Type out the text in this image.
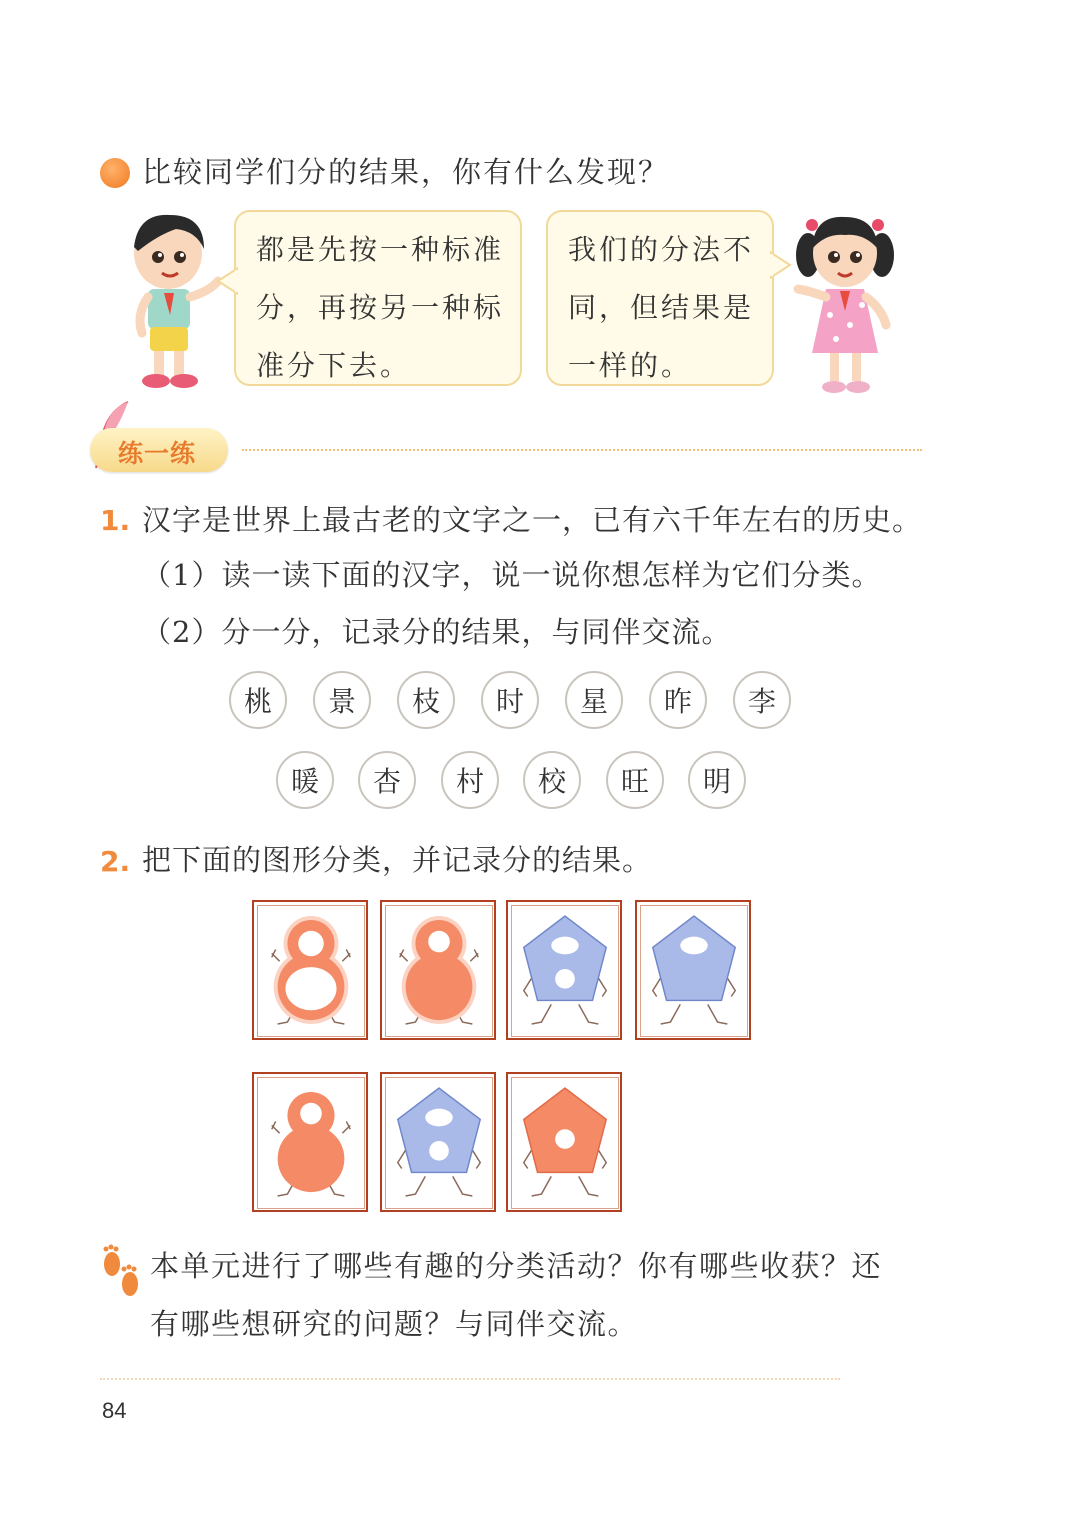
比较同学们分的结果，你有什么发现？
都是先按一种标准
分，再按另一种标
准分下去。
我们的分法不
同，但结果是
一样的。
练一练
1. 汉字是世界上最古老的文字之一，已有六千年左右的历史。
（1）读一读下面的汉字，说一说你想怎样为它们分类。
（2）分一分，记录分的结果，与同伴交流。
桃	景	枝	时	星	昨	李
暖	杏	村	校	旺	明
2. 把下面的图形分类，并记录分的结果。
本单元进行了哪些有趣的分类活动？你有哪些收获？还
有哪些想研究的问题？与同伴交流。
84
